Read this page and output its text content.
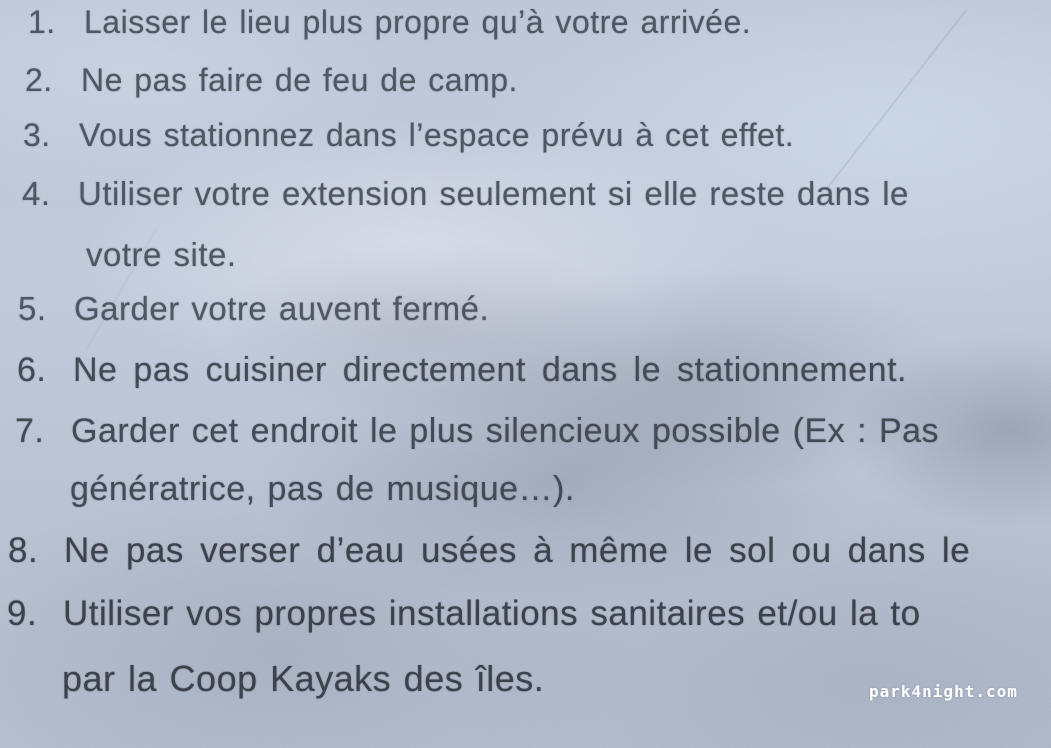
1. Laisser le lieu plus propre qu’à votre arrivée.
2. Ne pas faire de feu de camp.
3. Vous stationnez dans l’espace prévu à cet effet.
4. Utiliser votre extension seulement si elle reste dans le
votre site.
5. Garder votre auvent fermé.
6. Ne pas cuisiner directement dans le stationnement.
7. Garder cet endroit le plus silencieux possible (Ex : Pas
génératrice, pas de musique…).
8. Ne pas verser d’eau usées à même le sol ou dans le
9. Utiliser vos propres installations sanitaires et/ou la to
par la Coop Kayaks des îles.	park4night.com
